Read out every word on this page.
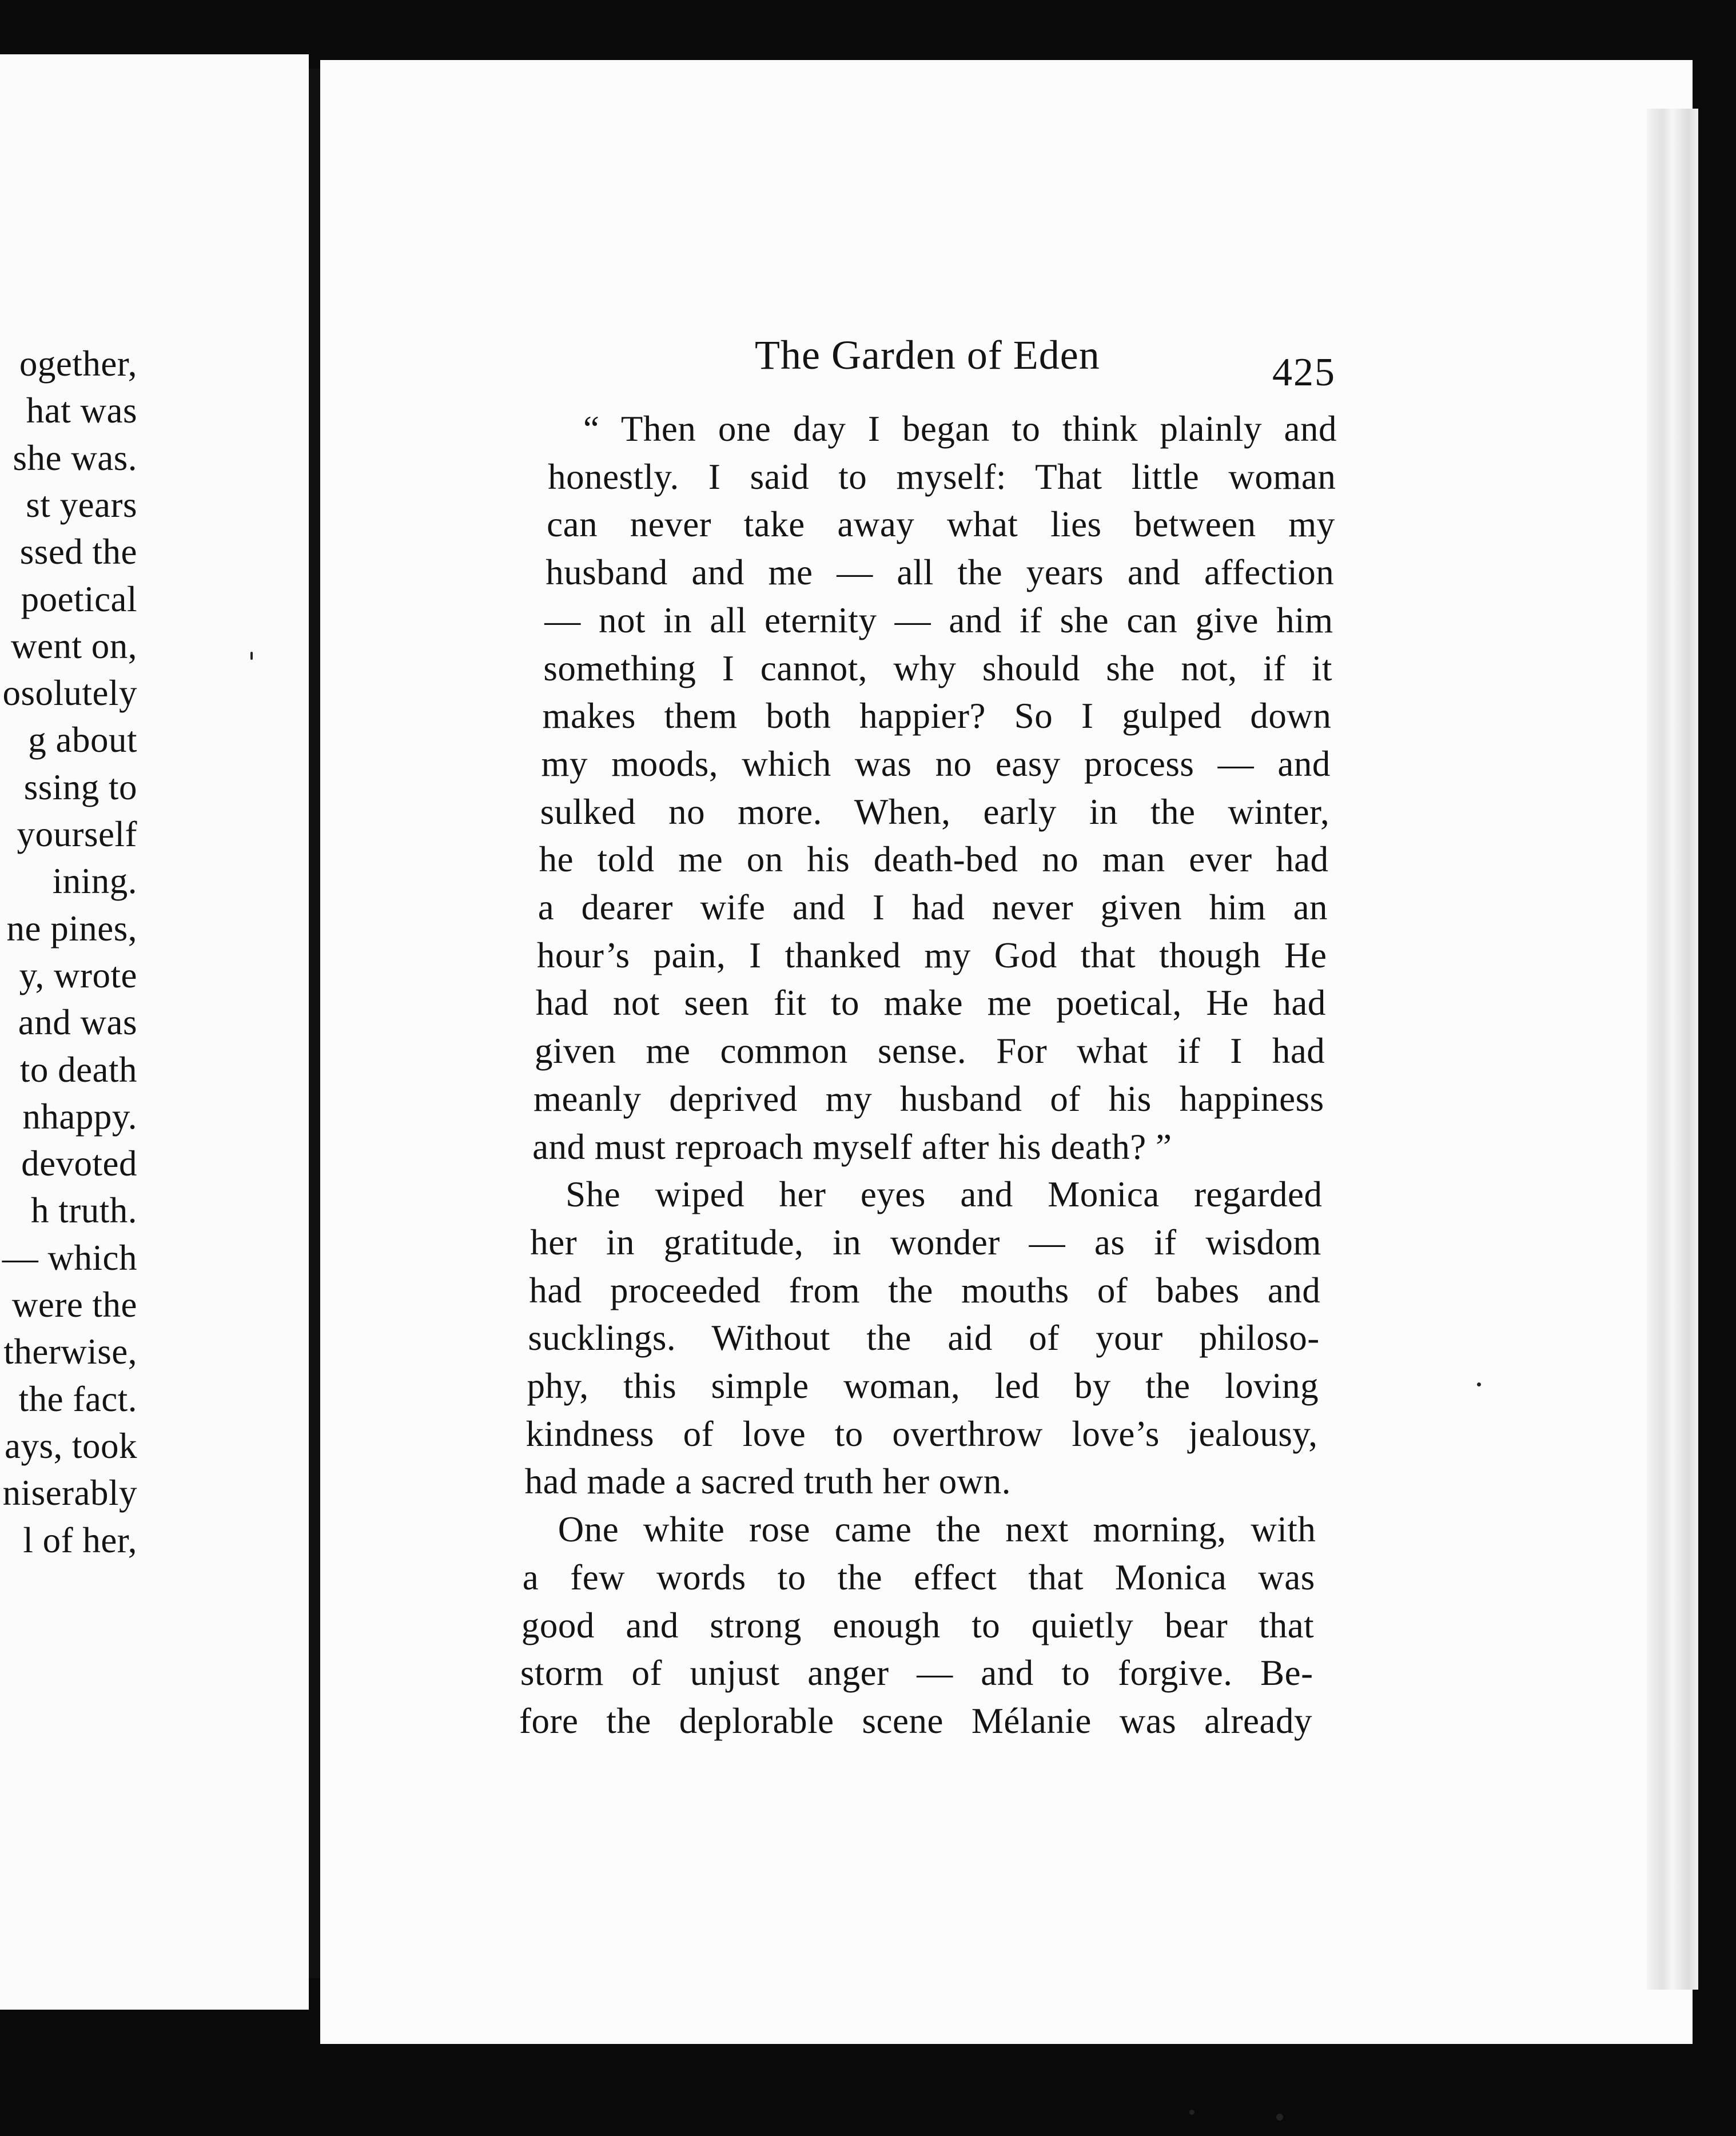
ogether,
hat was
she was.
st years
ssed the
poetical
went on,
osolutely
g about
ssing to
yourself
ining.
ne pines,
y, wrote
and was
to death
nhappy.
devoted
h truth.
— which
were the
therwise,
the fact.
ays, took
niserably
l of her,
The Garden of Eden	425
“ Then one day I began to think plainly and
honestly. I said to myself: That little woman
can never take away what lies between my
husband and me — all the years and affection
— not in all eternity — and if she can give him
something I cannot, why should she not, if it
makes them both happier? So I gulped down
my moods, which was no easy process — and
sulked no more. When, early in the winter,
he told me on his death-bed no man ever had
a dearer wife and I had never given him an
hour’s pain, I thanked my God that though He
had not seen fit to make me poetical, He had
given me common sense. For what if I had
meanly deprived my husband of his happiness
and must reproach myself after his death? ”
She wiped her eyes and Monica regarded
her in gratitude, in wonder — as if wisdom
had proceeded from the mouths of babes and
sucklings. Without the aid of your philoso-
phy, this simple woman, led by the loving
kindness of love to overthrow love’s jealousy,
had made a sacred truth her own.
One white rose came the next morning, with
a few words to the effect that Monica was
good and strong enough to quietly bear that
storm of unjust anger — and to forgive. Be-
fore the deplorable scene Mélanie was already
